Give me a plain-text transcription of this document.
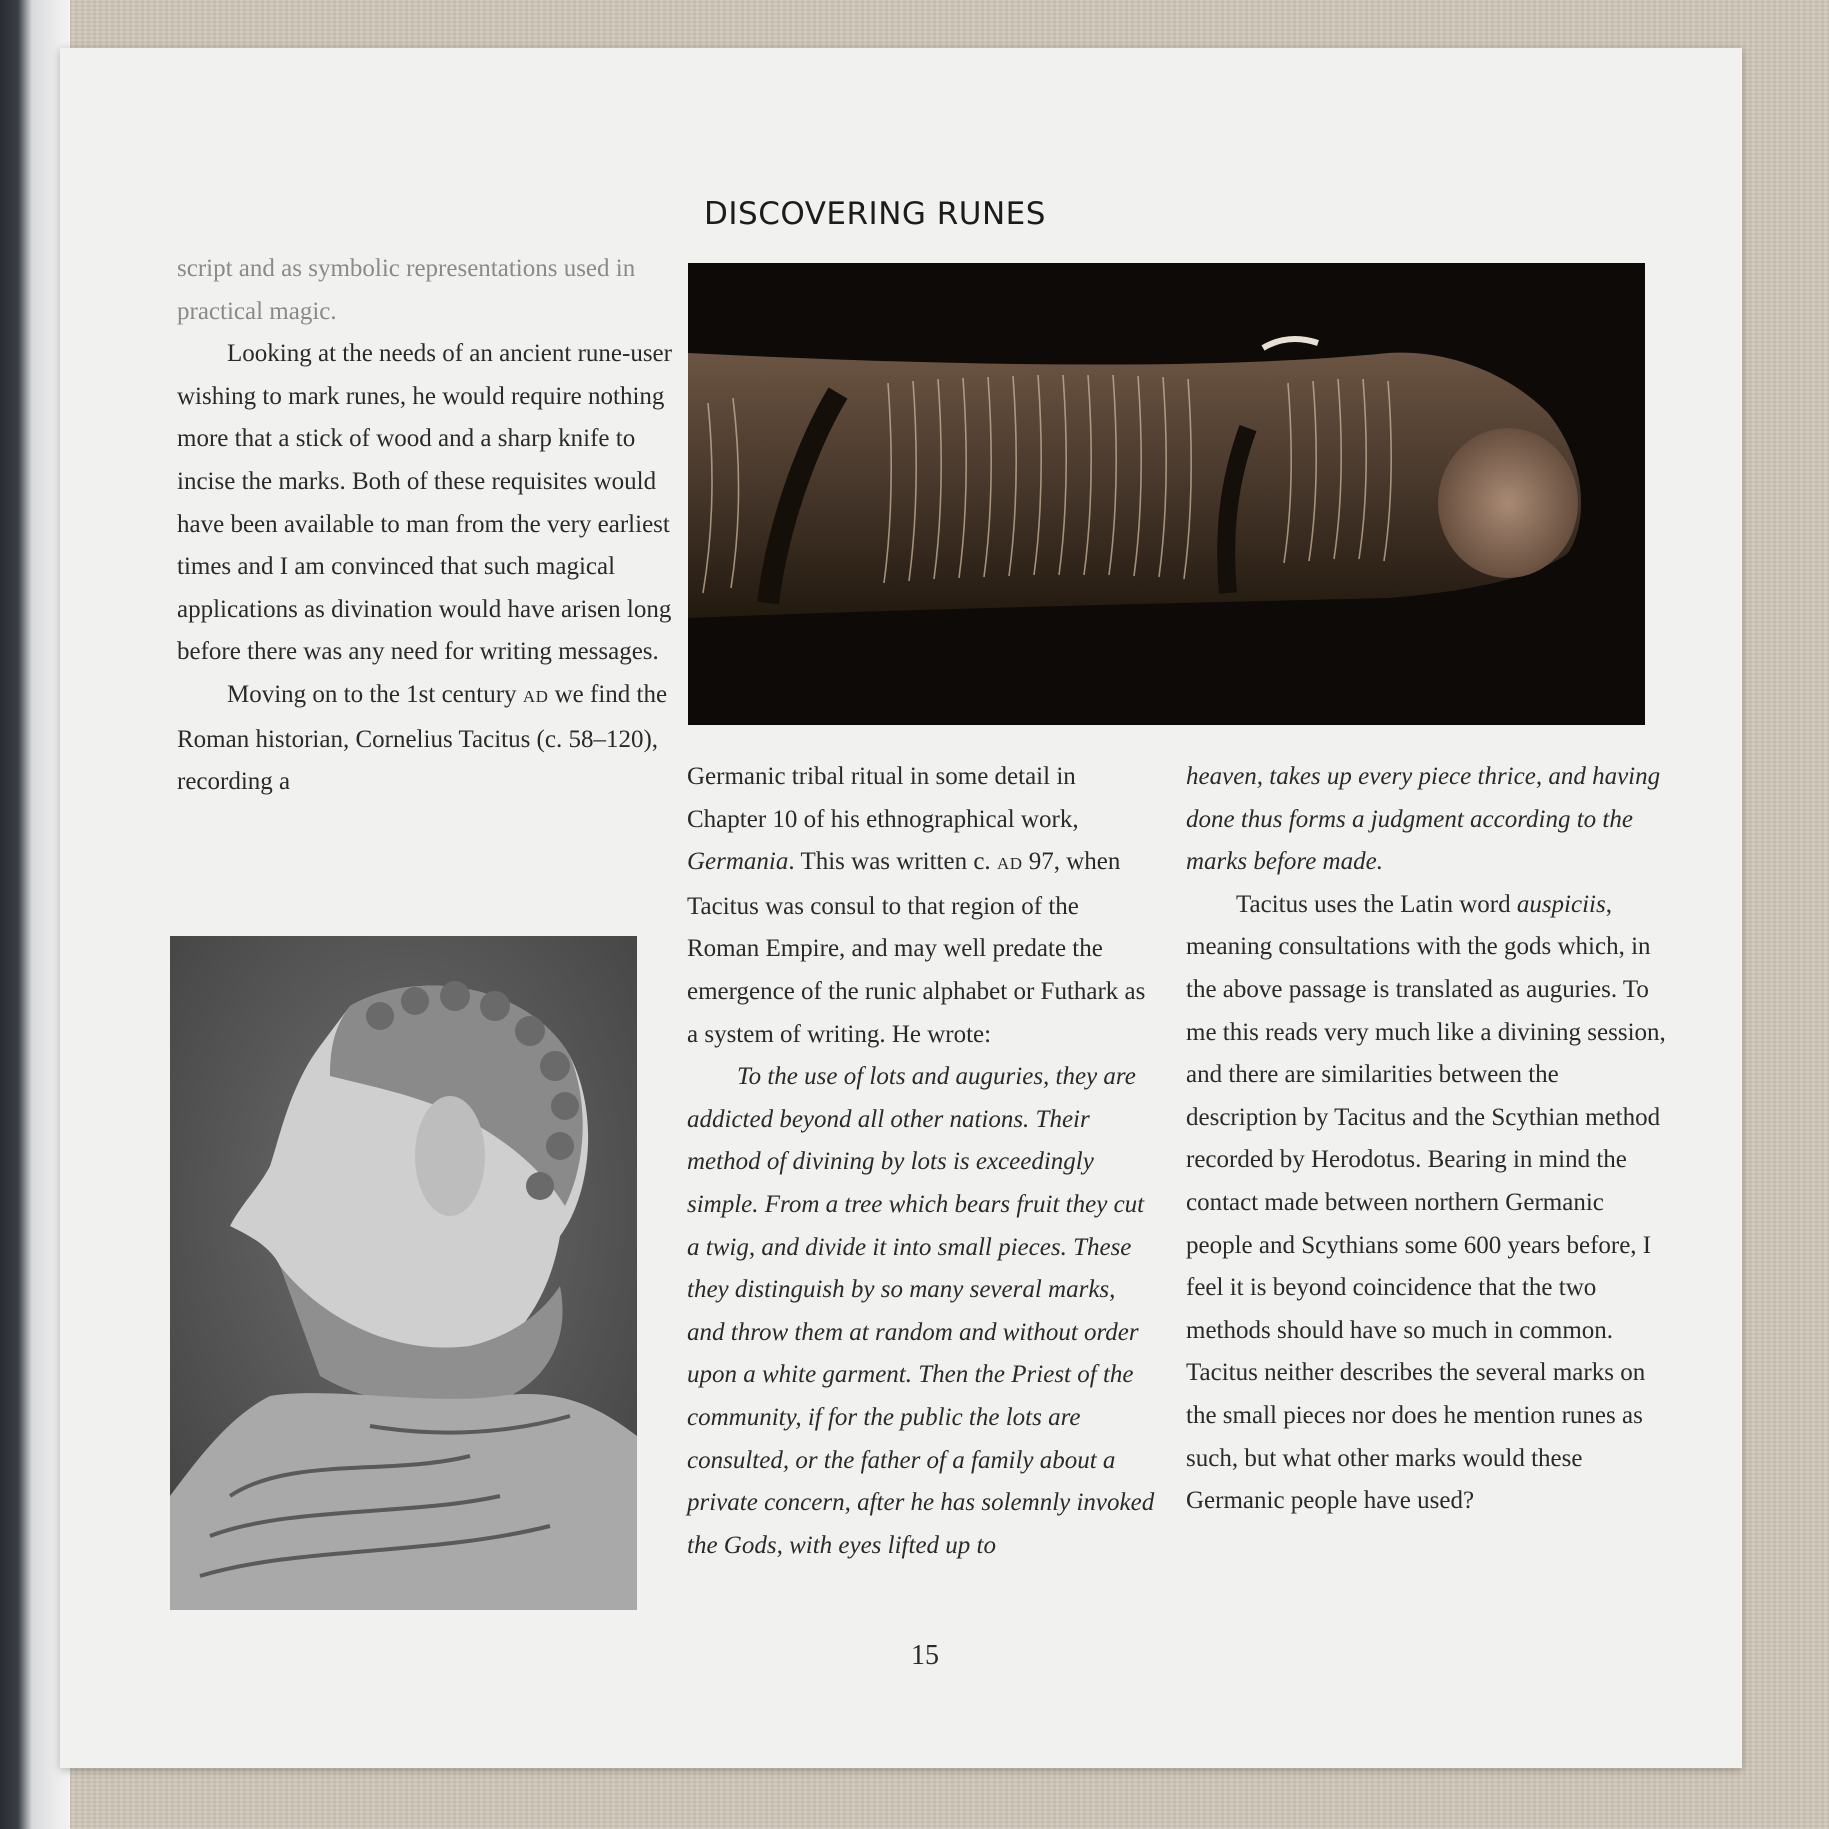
DISCOVERING RUNES

script and as symbolic representations used in practical magic.

Looking at the needs of an ancient rune-user wishing to mark runes, he would require nothing more that a stick of wood and a sharp knife to incise the marks. Both of these requisites would have been available to man from the very earliest times and I am convinced that such magical applications as divination would have arisen long before there was any need for writing messages.

Moving on to the 1st century AD we find the Roman historian, Cornelius Tacitus (c. 58–120), recording a	Germanic tribal ritual in some detail in Chapter 10 of his ethnographical work, Germania. This was written c. AD 97, when Tacitus was consul to that region of the Roman Empire, and may well predate the emergence of the runic alphabet or Futhark as a system of writing. He wrote:

To the use of lots and auguries, they are addicted beyond all other nations. Their method of divining by lots is exceedingly simple. From a tree which bears fruit they cut a twig, and divide it into small pieces. These they distinguish by so many several marks, and throw them at random and without order upon a white garment. Then the Priest of the community, if for the public the lots are consulted, or the father of a family about a private concern, after he has solemnly invoked the Gods, with eyes lifted up to

heaven, takes up every piece thrice, and having done thus forms a judgment according to the marks before made.

Tacitus uses the Latin word auspiciis, meaning consultations with the gods which, in the above passage is translated as auguries. To me this reads very much like a divining session, and there are similarities between the description by Tacitus and the Scythian method recorded by Herodotus. Bearing in mind the contact made between northern Germanic people and Scythians some 600 years before, I feel it is beyond coincidence that the two methods should have so much in common. Tacitus neither describes the several marks on the small pieces nor does he mention runes as such, but what other marks would these Germanic people have used?

15
